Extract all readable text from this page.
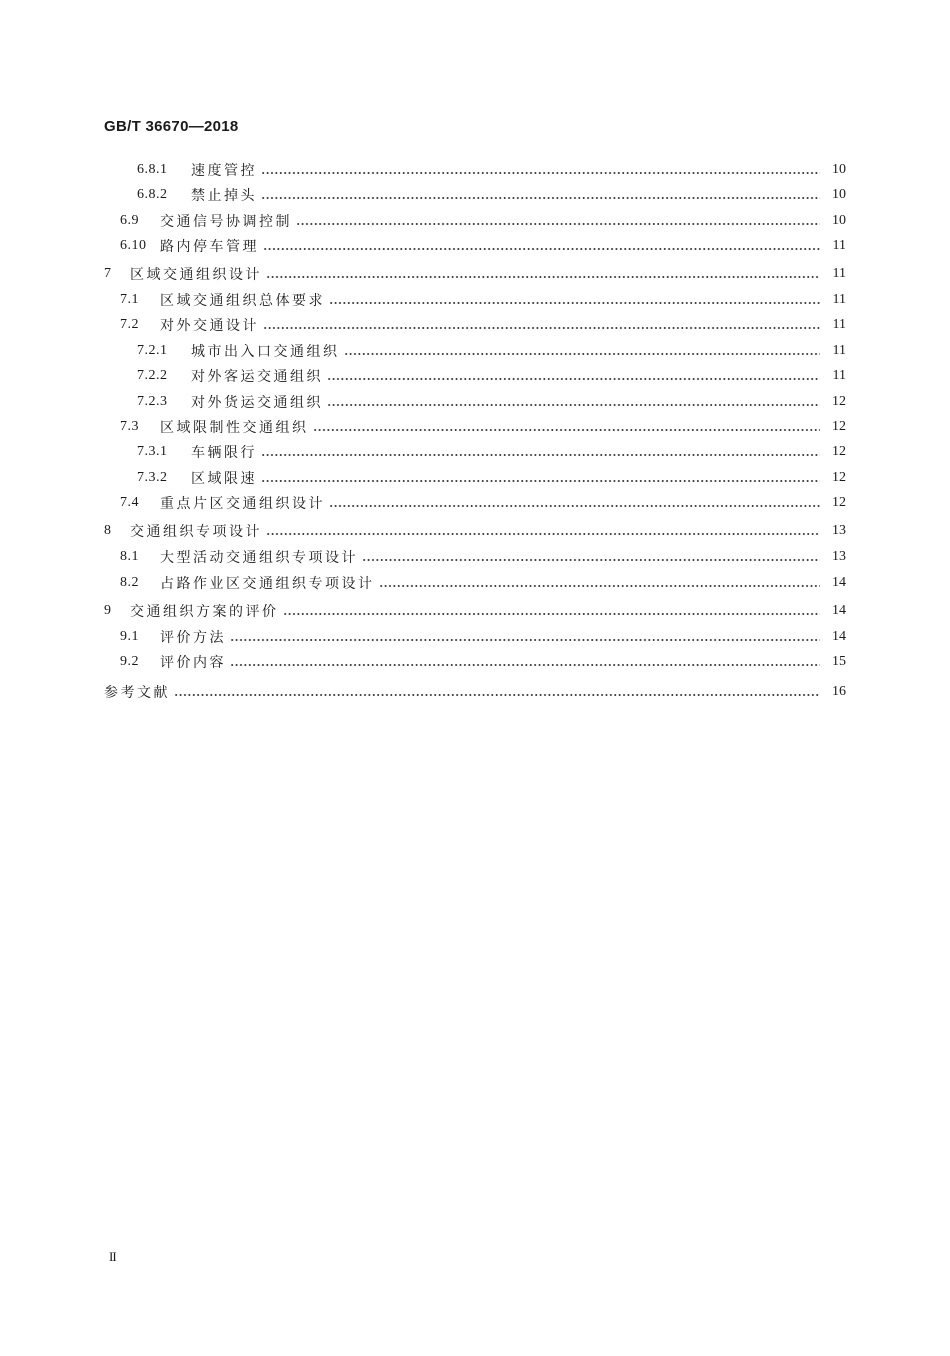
GB/T 36670—2018
6.8.1	速度管控	10
6.8.2	禁止掉头	10
6.9	交通信号协调控制	10
6.10 路内停车管理	11
7	区域交通组织设计	11
7.1	区域交通组织总体要求	11
7.2	对外交通设计	11
7.2.1	城市出入口交通组织	11
7.2.2	对外客运交通组织	11
7.2.3	对外货运交通组织	12
7.3	区域限制性交通组织	12
7.3.1	车辆限行	12
7.3.2	区域限速	12
7.4	重点片区交通组织设计	12
8	交通组织专项设计	13
8.1	大型活动交通组织专项设计	13
8.2	占路作业区交通组织专项设计	14
9	交通组织方案的评价	14
9.1	评价方法	14
9.2	评价内容	15
参考文献	16
II
